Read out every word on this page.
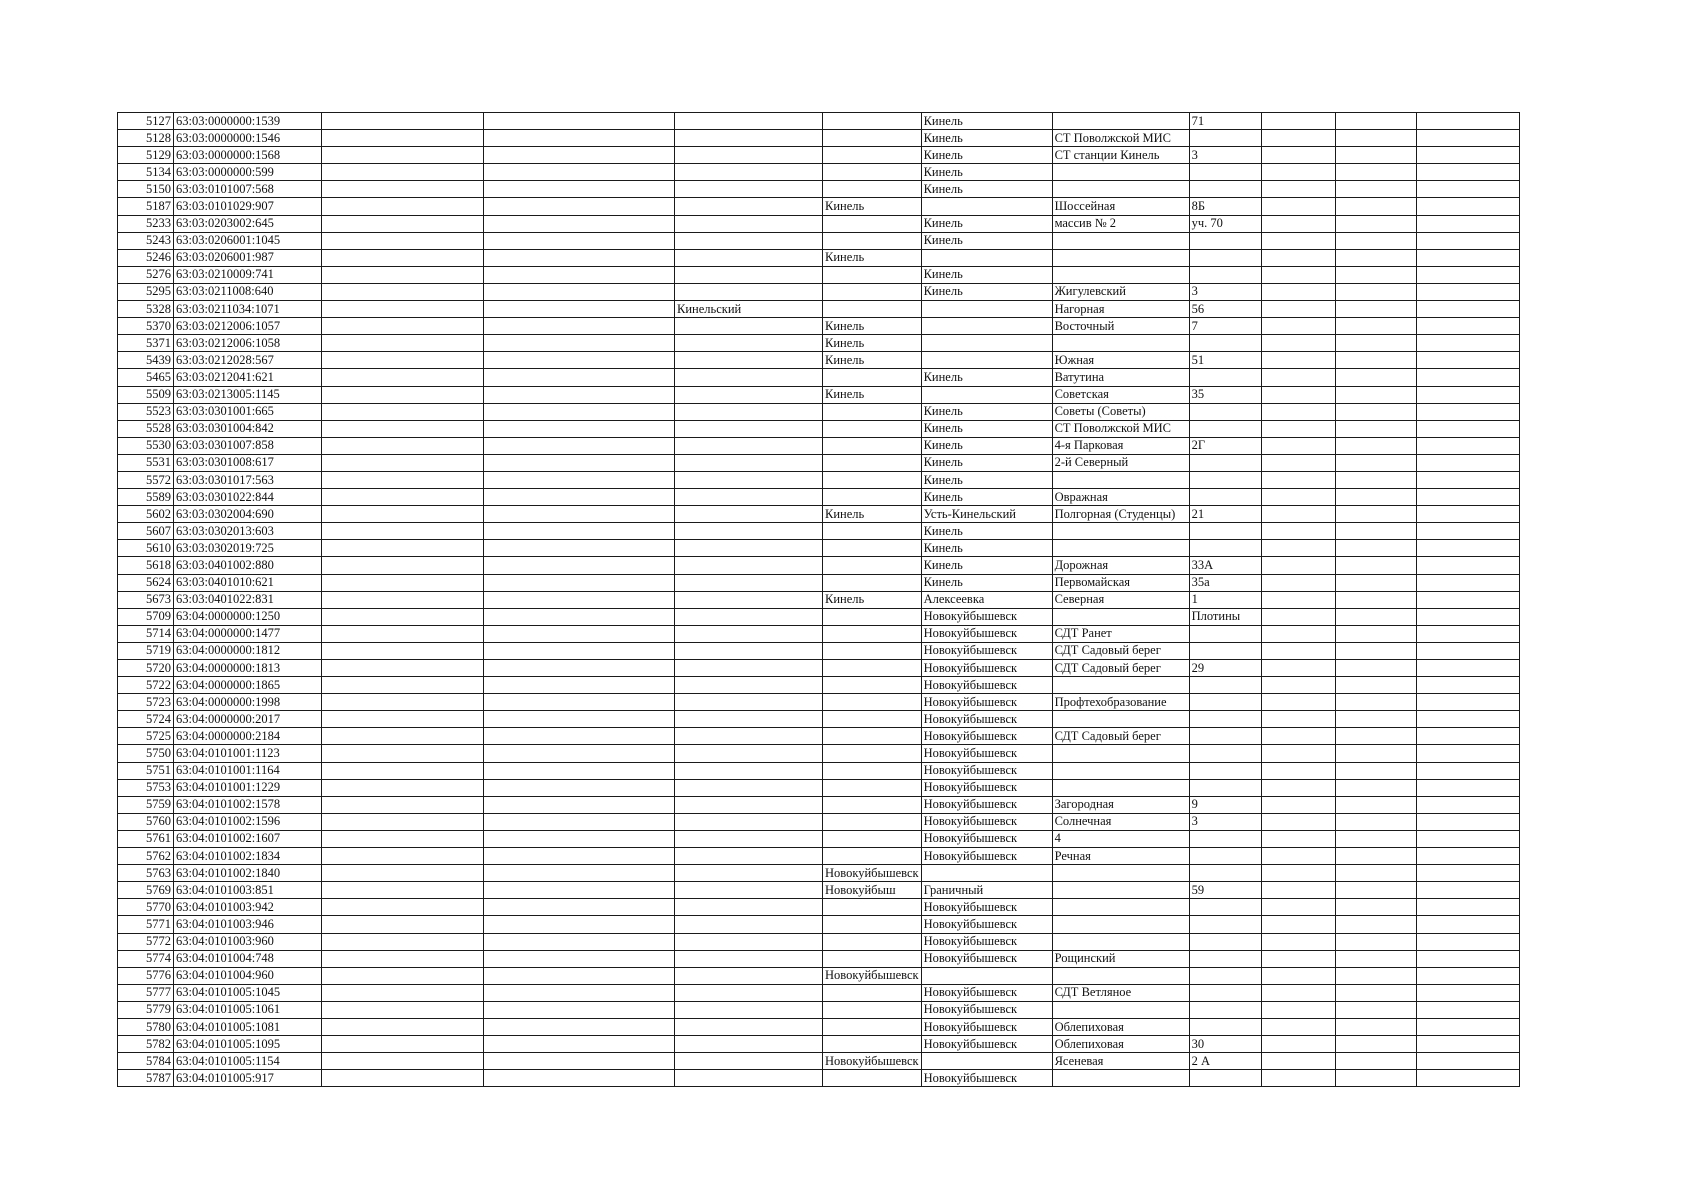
5127	63:03:0000000:1539					Кинель		71			
5128	63:03:0000000:1546					Кинель	СТ Поволжской МИС				
5129	63:03:0000000:1568					Кинель	СТ станции Кинель	3			
5134	63:03:0000000:599					Кинель					
5150	63:03:0101007:568					Кинель					
5187	63:03:0101029:907				Кинель		Шоссейная	8Б			
5233	63:03:0203002:645					Кинель	массив № 2	уч. 70			
5243	63:03:0206001:1045					Кинель					
5246	63:03:0206001:987				Кинель						
5276	63:03:0210009:741					Кинель					
5295	63:03:0211008:640					Кинель	Жигулевский	3			
5328	63:03:0211034:1071			Кинельский			Нагорная	56			
5370	63:03:0212006:1057				Кинель		Восточный	7			
5371	63:03:0212006:1058				Кинель						
5439	63:03:0212028:567				Кинель		Южная	51			
5465	63:03:0212041:621					Кинель	Ватутина				
5509	63:03:0213005:1145				Кинель		Советская	35			
5523	63:03:0301001:665					Кинель	Советы (Советы)				
5528	63:03:0301004:842					Кинель	СТ Поволжской МИС				
5530	63:03:0301007:858					Кинель	4-я Парковая	2Г			
5531	63:03:0301008:617					Кинель	2-й Северный				
5572	63:03:0301017:563					Кинель					
5589	63:03:0301022:844					Кинель	Овражная				
5602	63:03:0302004:690				Кинель	Усть-Кинельский	Полгорная (Студенцы)	21			
5607	63:03:0302013:603					Кинель					
5610	63:03:0302019:725					Кинель					
5618	63:03:0401002:880					Кинель	Дорожная	33А			
5624	63:03:0401010:621					Кинель	Первомайская	35а			
5673	63:03:0401022:831				Кинель	Алексеевка	Северная	1			
5709	63:04:0000000:1250					Новокуйбышевск		Плотины			
5714	63:04:0000000:1477					Новокуйбышевск	СДТ Ранет				
5719	63:04:0000000:1812					Новокуйбышевск	СДТ Садовый берег				
5720	63:04:0000000:1813					Новокуйбышевск	СДТ Садовый берег	29			
5722	63:04:0000000:1865					Новокуйбышевск					
5723	63:04:0000000:1998					Новокуйбышевск	Профтехобразование				
5724	63:04:0000000:2017					Новокуйбышевск					
5725	63:04:0000000:2184					Новокуйбышевск	СДТ Садовый берег				
5750	63:04:0101001:1123					Новокуйбышевск					
5751	63:04:0101001:1164					Новокуйбышевск					
5753	63:04:0101001:1229					Новокуйбышевск					
5759	63:04:0101002:1578					Новокуйбышевск	Загородная	9			
5760	63:04:0101002:1596					Новокуйбышевск	Солнечная	3			
5761	63:04:0101002:1607					Новокуйбышевск	4				
5762	63:04:0101002:1834					Новокуйбышевск	Речная				
5763	63:04:0101002:1840				Новокуйбышевск						
5769	63:04:0101003:851				Новокуйбыш	Граничный		59			
5770	63:04:0101003:942					Новокуйбышевск					
5771	63:04:0101003:946					Новокуйбышевск					
5772	63:04:0101003:960					Новокуйбышевск					
5774	63:04:0101004:748					Новокуйбышевск	Рощинский				
5776	63:04:0101004:960				Новокуйбышевск						
5777	63:04:0101005:1045					Новокуйбышевск	СДТ Ветляное				
5779	63:04:0101005:1061					Новокуйбышевск					
5780	63:04:0101005:1081					Новокуйбышевск	Облепиховая				
5782	63:04:0101005:1095					Новокуйбышевск	Облепиховая	30			
5784	63:04:0101005:1154				Новокуйбышевск		Ясеневая	2 А			
5787	63:04:0101005:917					Новокуйбышевск					
